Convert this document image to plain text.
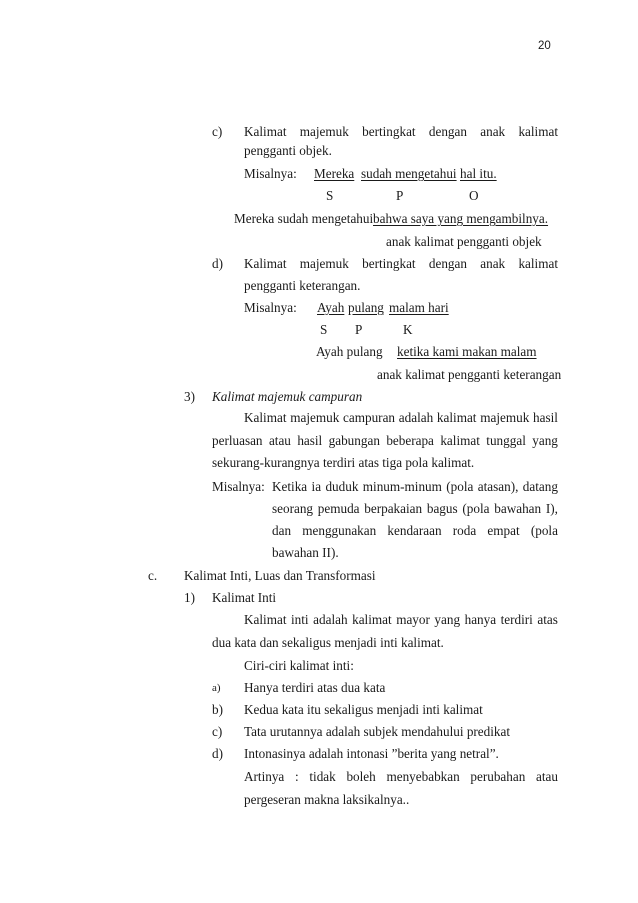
20
c) Kalimat majemuk bertingkat dengan anak kalimat
pengganti objek.
Misalnya: Mereka sudah mengetahui hal itu.
S	P	O
Mereka sudah mengetahui bahwa saya yang mengambilnya.
anak kalimat pengganti objek
d) Kalimat majemuk bertingkat dengan anak kalimat
pengganti keterangan.
Misalnya: Ayah pulang malam hari
S P	K
Ayah pulang ketika kami makan malam
anak kalimat pengganti keterangan
3) Kalimat majemuk campuran
Kalimat majemuk campuran adalah kalimat majemuk hasil
perluasan atau hasil gabungan beberapa kalimat tunggal yang
sekurang-kurangnya terdiri atas tiga pola kalimat.
Misalnya: Ketika ia duduk minum-minum (pola atasan), datang
seorang pemuda berpakaian bagus (pola bawahan I),
dan menggunakan kendaraan roda empat (pola
bawahan II).
c. Kalimat Inti, Luas dan Transformasi
1) Kalimat Inti
Kalimat inti adalah kalimat mayor yang hanya terdiri atas
dua kata dan sekaligus menjadi inti kalimat.
Ciri-ciri kalimat inti:
a) Hanya terdiri atas dua kata
b) Kedua kata itu sekaligus menjadi inti kalimat
c) Tata urutannya adalah subjek mendahului predikat
d) Intonasinya adalah intonasi ”berita yang netral”.
Artinya : tidak boleh menyebabkan perubahan atau
pergeseran makna laksikalnya..
